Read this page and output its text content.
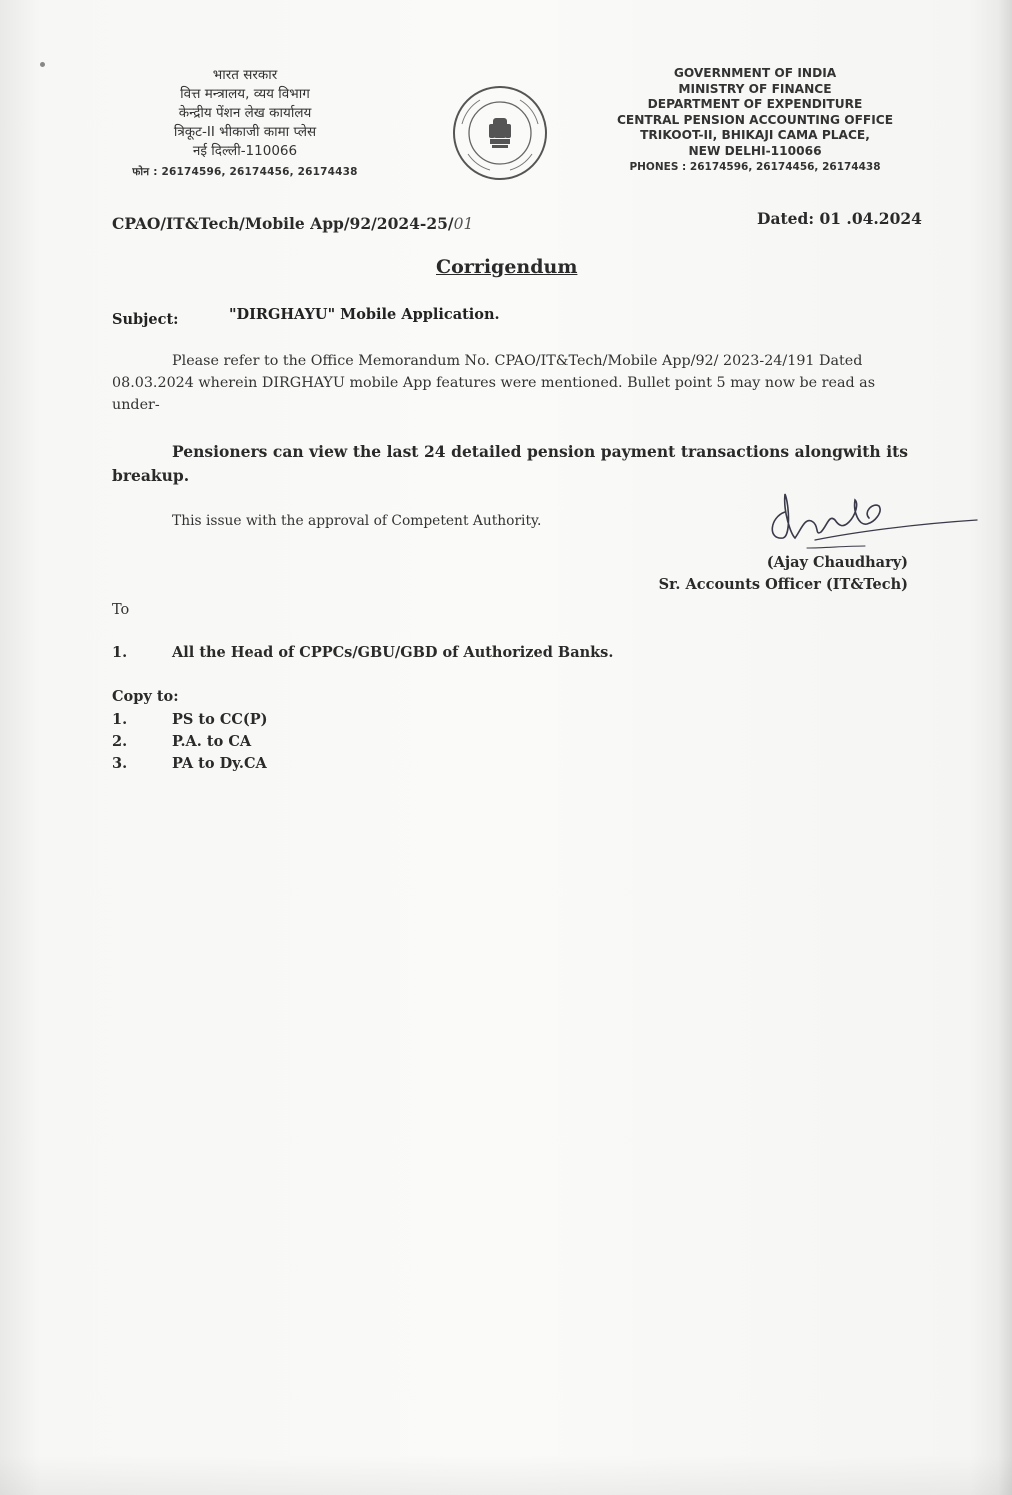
भारत सरकार
वित्त मन्त्रालय, व्यय विभाग
केन्द्रीय पेंशन लेख कार्यालय
त्रिकूट-II भीकाजी कामा प्लेस
नई दिल्ली-110066
फोन : 26174596, 26174456, 26174438
GOVERNMENT OF INDIA
MINISTRY OF FINANCE
DEPARTMENT OF EXPENDITURE
CENTRAL PENSION ACCOUNTING OFFICE
TRIKOOT-II, BHIKAJI CAMA PLACE,
NEW DELHI-110066
PHONES : 26174596, 26174456, 26174438
CPAO/IT&Tech/Mobile App/92/2024-25/01	Dated: 01 .04.2024
Corrigendum
Subject:	"DIRGHAYU" Mobile Application.
Please refer to the Office Memorandum No. CPAO/IT&Tech/Mobile App/92/ 2023-24/191 Dated 08.03.2024 wherein DIRGHAYU mobile App features were mentioned. Bullet point 5 may now be read as under-
Pensioners can view the last 24 detailed pension payment transactions alongwith its breakup.
This issue with the approval of Competent Authority.
(Ajay Chaudhary)
Sr. Accounts Officer (IT&Tech)
To
1.	All the Head of CPPCs/GBU/GBD of Authorized Banks.
Copy to:
1.	PS to CC(P)
2.	P.A. to CA
3.	PA to Dy.CA
